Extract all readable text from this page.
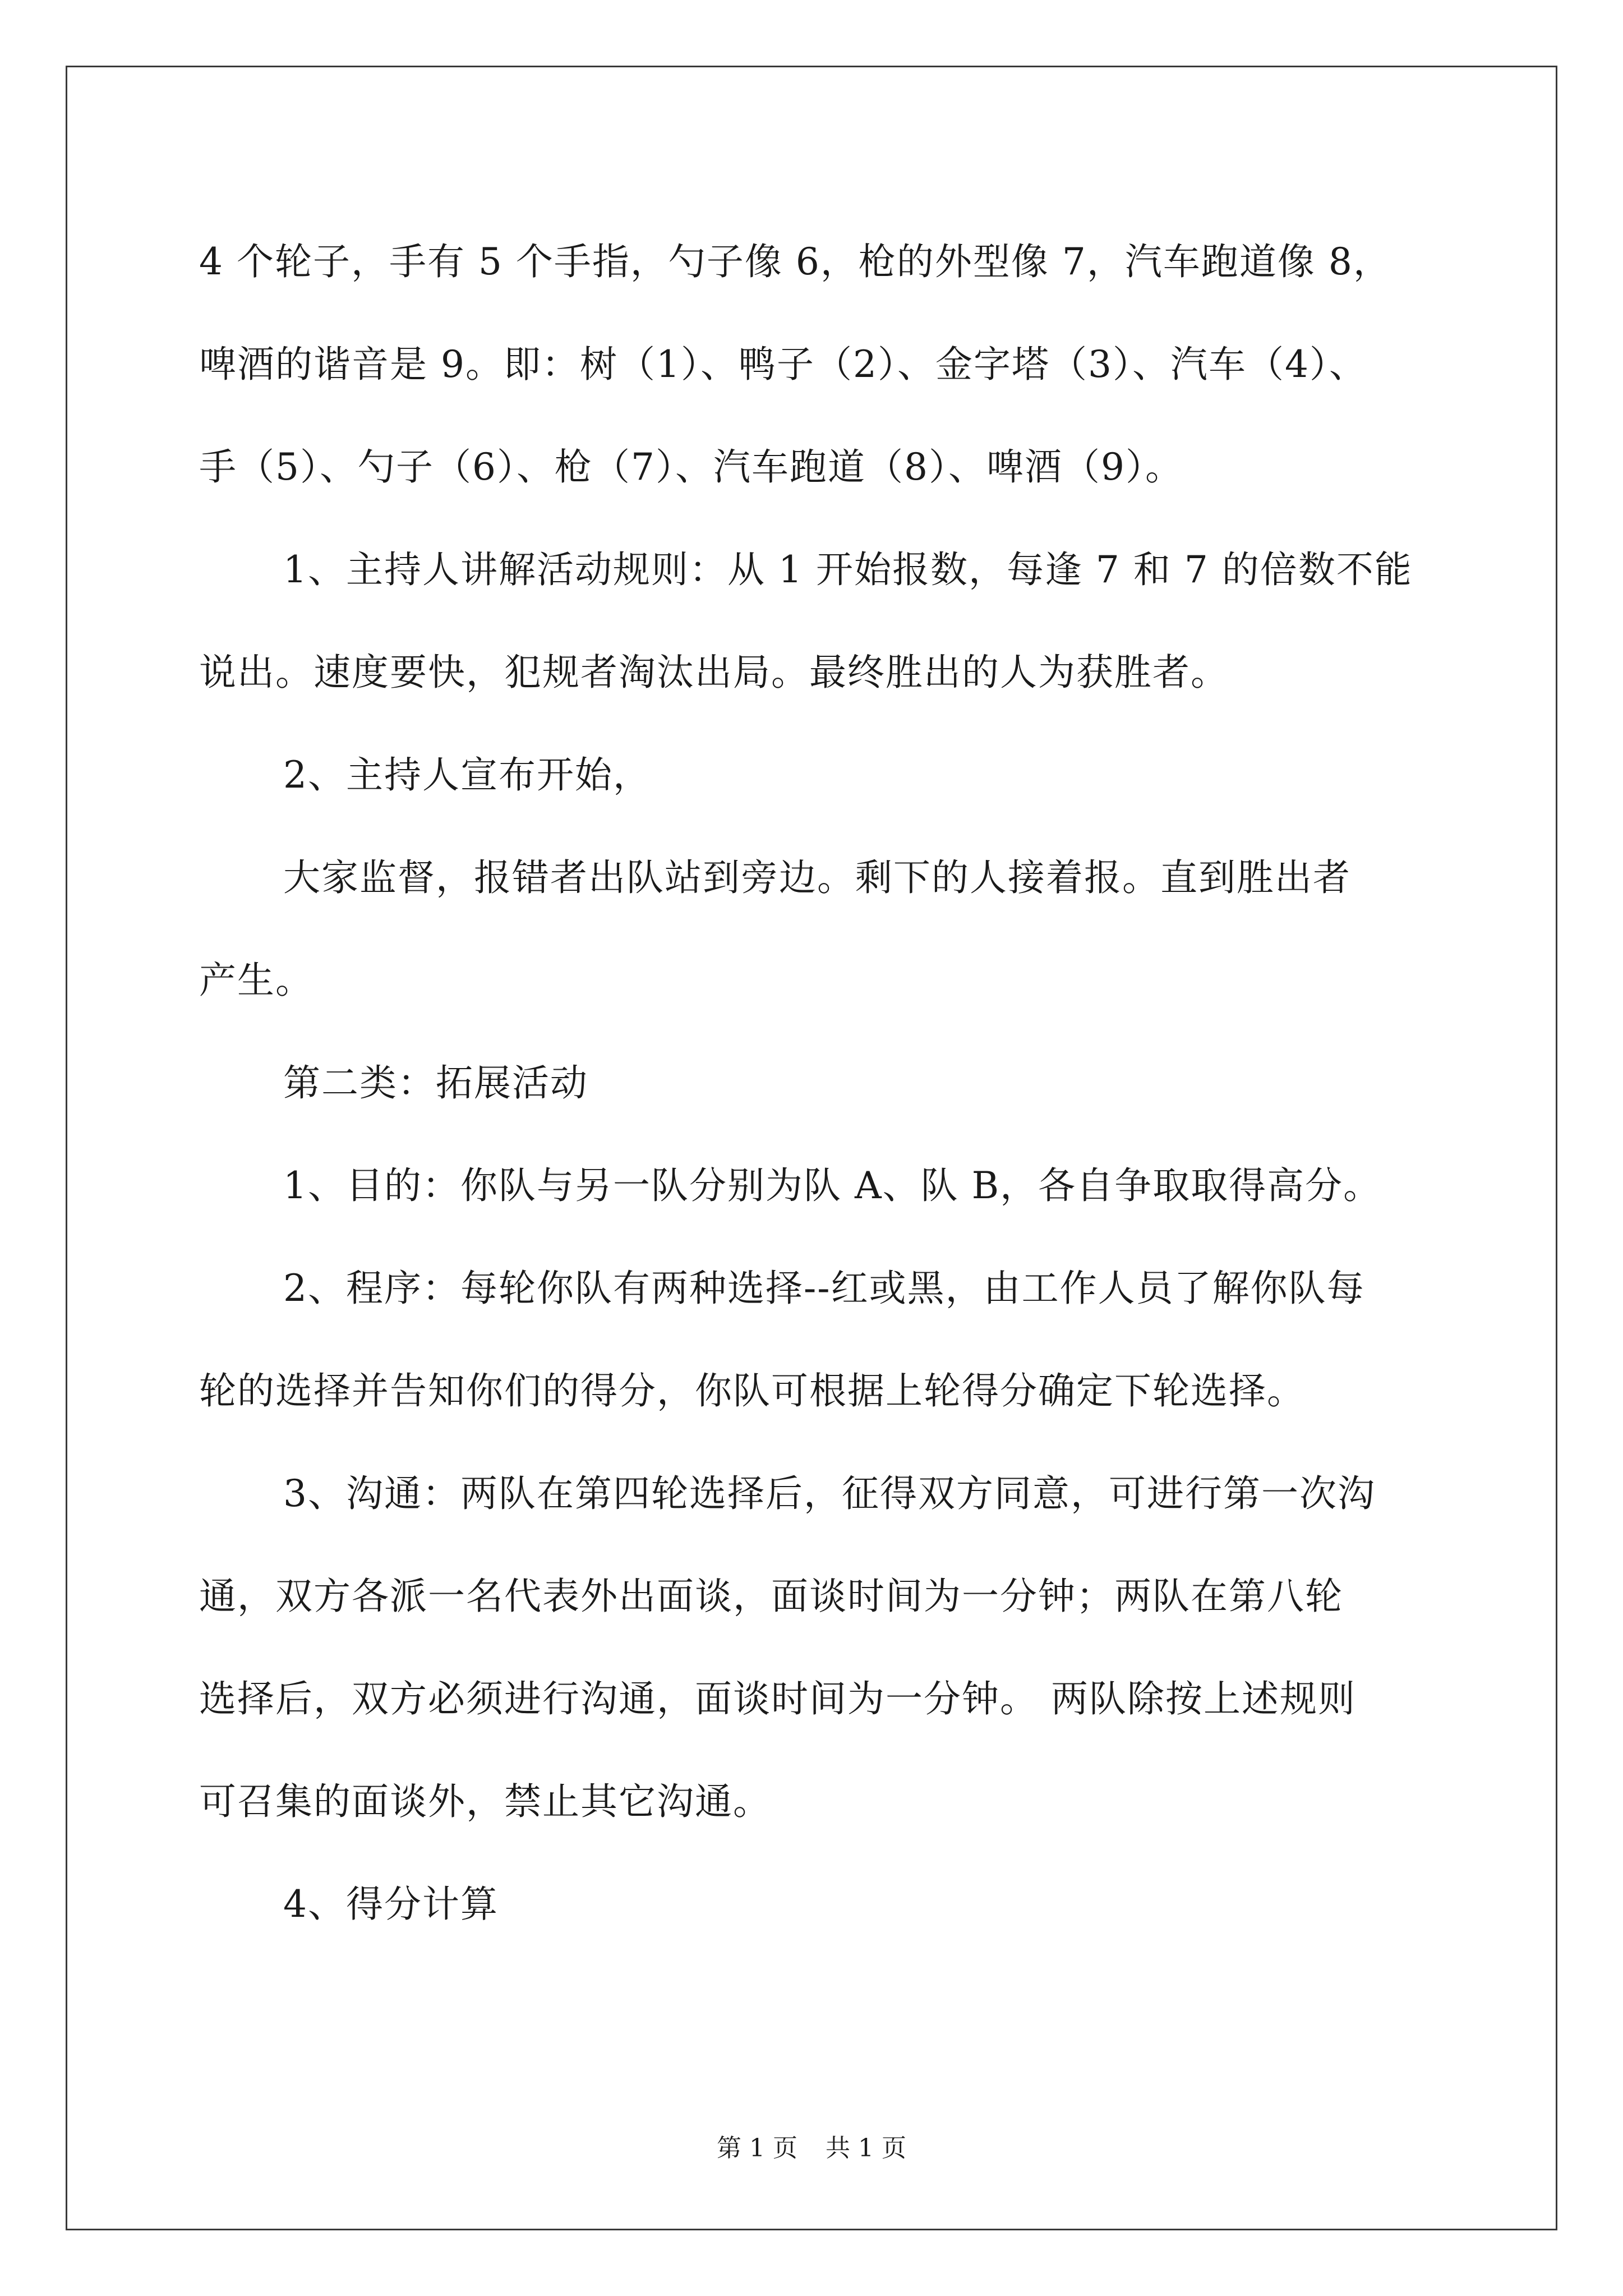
4 个轮子，手有 5 个手指，勺子像 6，枪的外型像 7，汽车跑道像 8，
啤酒的谐音是 9。即：树（1）、鸭子（2）、金字塔（3）、汽车（4）、
手（5）、勺子（6）、枪（7）、汽车跑道（8）、啤酒（9）。
1、主持人讲解活动规则：从 1 开始报数，每逢 7 和 7 的倍数不能
说出。速度要快，犯规者淘汰出局。最终胜出的人为获胜者。
2、主持人宣布开始，
大家监督，报错者出队站到旁边。剩下的人接着报。直到胜出者
产生。
第二类：拓展活动
1、目的：你队与另一队分别为队 A、队 B，各自争取取得高分。
2、程序：每轮你队有两种选择--红或黑，由工作人员了解你队每
轮的选择并告知你们的得分，你队可根据上轮得分确定下轮选择。
3、沟通：两队在第四轮选择后，征得双方同意，可进行第一次沟
通，双方各派一名代表外出面谈，面谈时间为一分钟；两队在第八轮
选择后，双方必须进行沟通，面谈时间为一分钟。 两队除按上述规则
可召集的面谈外，禁止其它沟通。
4、得分计算
第 1 页 共 1 页
